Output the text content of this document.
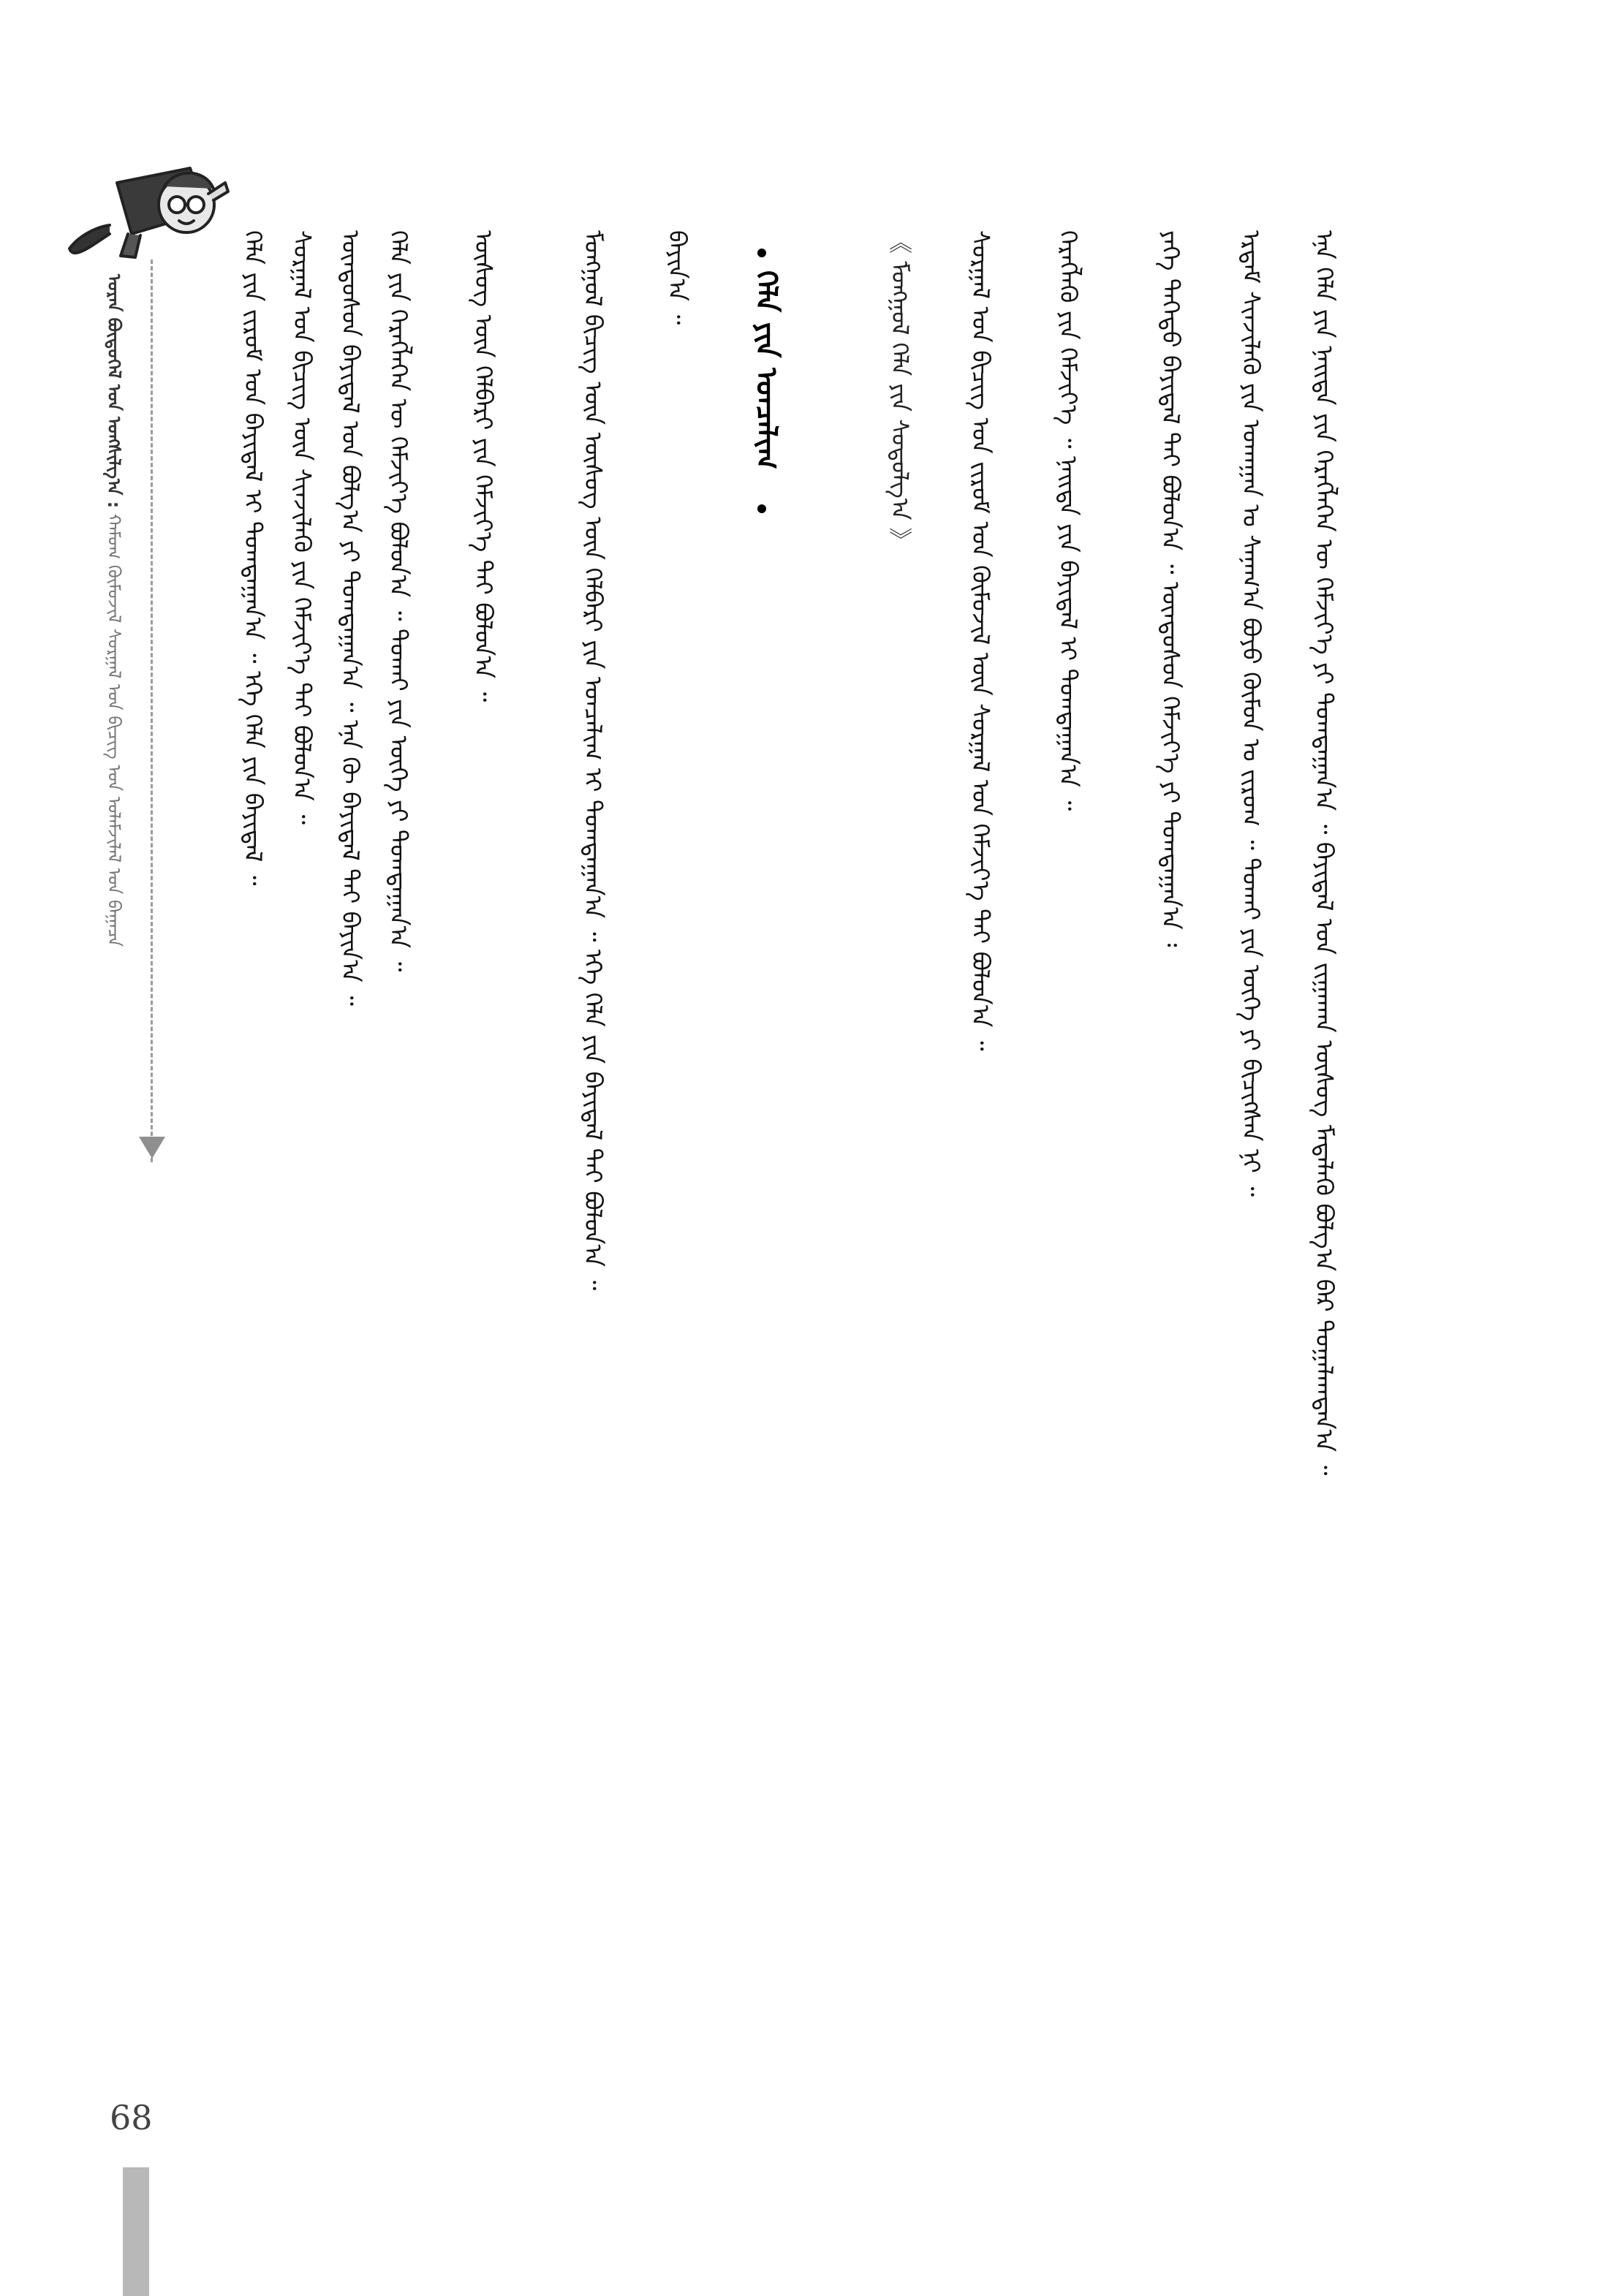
68
ᠤᠷᠠᠨ ᠪᠦᠲᠦᠭᠡᠯ ᠤᠨ ᠤᠩᠰᠢᠯᠭ᠎ᠠ : ᠬᠠᠮᠤᠭ ᠬᠦᠮᠦᠵᠢᠯ ᠰᠤᠷᠭᠠᠯ ᠤᠨ ᠪᠢᠴᠢᠭ ᠤᠨ ᠤᠯᠠᠮᠵᠢᠯᠠᠯ ᠤᠨ ᠪᠠᠭᠠᠴᠠ	ᠬᠡᠯᠡ ᠶᠢᠨ ᠵᠢᠷᠤᠮ ᠤᠨ ᠪᠠᠶᠢᠳᠠᠯ ᠢ ᠲᠣᠭᠲᠠᠭᠠᠨ᠎ᠠ ᠃ ᠡᠬᠡ ᠬᠡᠯᠡ ᠶᠢᠨ ᠪᠠᠶᠢᠳᠠᠯ ᠃ ᠰᠤᠷᠭᠠᠯ ᠤᠨ ᠪᠢᠴᠢᠭ ᠦᠨ ᠰᠢᠨᠵᠢᠯᠡᠬᠦ ᠶᠢᠨ ᠬᠡᠮᠵᠢᠶ᠎ᠡ ᠲᠠᠢ ᠪᠤᠯᠤᠨ᠎ᠠ ᠃ ᠦᠨᠳᠦᠰᠦᠨ ᠪᠠᠶᠢᠳᠠᠯ ᠤᠨ ᠪᠤᠯᠭ᠎ᠠ ᠶᠢ ᠲᠣᠭᠲᠠᠭᠠᠨ᠎ᠠ ᠃ ᠡᠨᠡ ᠬᠦ ᠪᠠᠶᠢᠳᠠᠯ ᠲᠠᠢ ᠪᠠᠶᠢᠨ᠎ᠠ ᠃ ᠬᠡᠯᠡ ᠶᠢᠨ ᠬᠡᠷᠡᠭᠯᠡᠭᠡᠨ ᠦ ᠬᠡᠮᠵᠢᠶ᠎ᠡ ᠪᠤᠯᠤᠨ᠎ᠠ ᠃ ᠲᠤᠬᠠᠢ ᠶᠢᠨ ᠦᠭᠡ ᠶᠢ ᠲᠣᠭᠲᠠᠭᠠᠨ᠎ᠠ ᠃	ᠦᠰᠦᠭ ᠦᠨ ᠬᠡᠯᠪᠡᠷᠢ ᠶᠢᠨ ᠬᠡᠮᠵᠢᠶ᠎ᠡ ᠲᠠᠢ ᠪᠤᠯᠤᠨ᠎ᠠ ᠃	ᠮᠣᠩᠭᠣᠯ ᠪᠢᠴᠢᠭ ᠦᠨ ᠦᠰᠦᠭ ᠦᠨ ᠬᠡᠯᠪᠡᠷᠢ ᠶᠢᠨ ᠣᠨᠴᠠᠯᠢᠭ ᠢ ᠲᠣᠭᠲᠠᠭᠠᠨ᠎ᠠ ᠃ ᠡᠬᠡ ᠬᠡᠯᠡ ᠶᠢᠨ ᠪᠠᠶᠢᠳᠠᠯ ᠲᠠᠢ ᠪᠤᠯᠤᠨ᠎ᠠ ᠃	ᠪᠠᠶᠢᠨ᠎ᠠ ᠃	ᠬᠡᠯᠡ ᠶᠢᠨ ᠣᠨᠴᠠᠯᠢᠭ	《 ᠮᠣᠩᠭᠣᠯ ᠬᠡᠯᠡ ᠶᠢᠨ ᠰᠤᠳᠤᠯᠭ᠎ᠠ 》	ᠰᠤᠷᠭᠠᠯ ᠤᠨ ᠪᠢᠴᠢᠭ ᠤᠨ ᠵᠢᠷᠤᠮ ᠤᠨ ᠬᠦᠮᠦᠵᠢᠯ ᠦᠨ ᠰᠤᠷᠭᠠᠯ ᠤᠨ ᠬᠡᠮᠵᠢᠶ᠎ᠡ ᠲᠠᠢ ᠪᠤᠯᠤᠨ᠎ᠠ ᠃	ᠬᠡᠷᠡᠭᠯᠡᠬᠦ ᠶᠢᠨ ᠬᠡᠮᠵᠢᠶ᠎ᠡ ᠃ ᠨᠡᠢᠲᠡ ᠶᠢᠨ ᠪᠠᠶᠢᠳᠠᠯ ᠢ ᠲᠣᠭᠲᠠᠭᠠᠨ᠎ᠠ ᠃	ᠶᠡᠬᠡ ᠳᠡᠭᠡᠳᠦ ᠪᠠᠶᠢᠳᠠᠯ ᠲᠠᠢ ᠪᠤᠯᠤᠨ᠎ᠠ ᠃ ᠦᠨᠳᠦᠰᠦᠨ ᠬᠡᠮᠵᠢᠶ᠎ᠡ ᠶᠢ ᠲᠣᠭᠲᠠᠭᠠᠨ᠎ᠠ ᠄	ᠡᠷᠳᠡᠮ ᠰᠢᠨᠵᠢᠯᠡᠬᠦ ᠶᠢᠨ ᠤᠬᠠᠭᠠᠨ ᠤ ᠰᠠᠨᠠᠭ᠎ᠠ ᠪᠤᠶᠤ ᠬᠦᠮᠦᠨ ᠤ ᠵᠢᠷᠤᠭ ᠃ ᠲᠤᠬᠠᠢ ᠶᠢᠨ ᠦᠭᠡ ᠶᠢ ᠪᠢᠴᠢᠭᠰᠡᠨ ᠨᠢ ᠃	ᠡᠨᠡ ᠬᠡᠯᠡ ᠶᠢᠨ ᠨᠡᠢᠲᠡ ᠶᠢᠨ ᠬᠡᠷᠡᠭᠯᠡᠭᠡᠨ ᠦ ᠬᠡᠮᠵᠢᠶ᠎ᠡ ᠶᠢ ᠲᠣᠭᠲᠠᠭᠠᠨ᠎ᠠ ᠃ ᠪᠠᠶᠢᠳᠠᠯ ᠤᠨ ᠵᠢᠭᠠᠬᠠᠨ ᠦᠰᠦᠭ ᠮᠡᠳᠡᠯᠡᠬᠦ ᠪᠤᠯᠭ᠎ᠠ ᠪᠡᠷ ᠲᠣᠭᠠᠯᠠᠭᠳᠠᠨ᠎ᠠ ᠃
